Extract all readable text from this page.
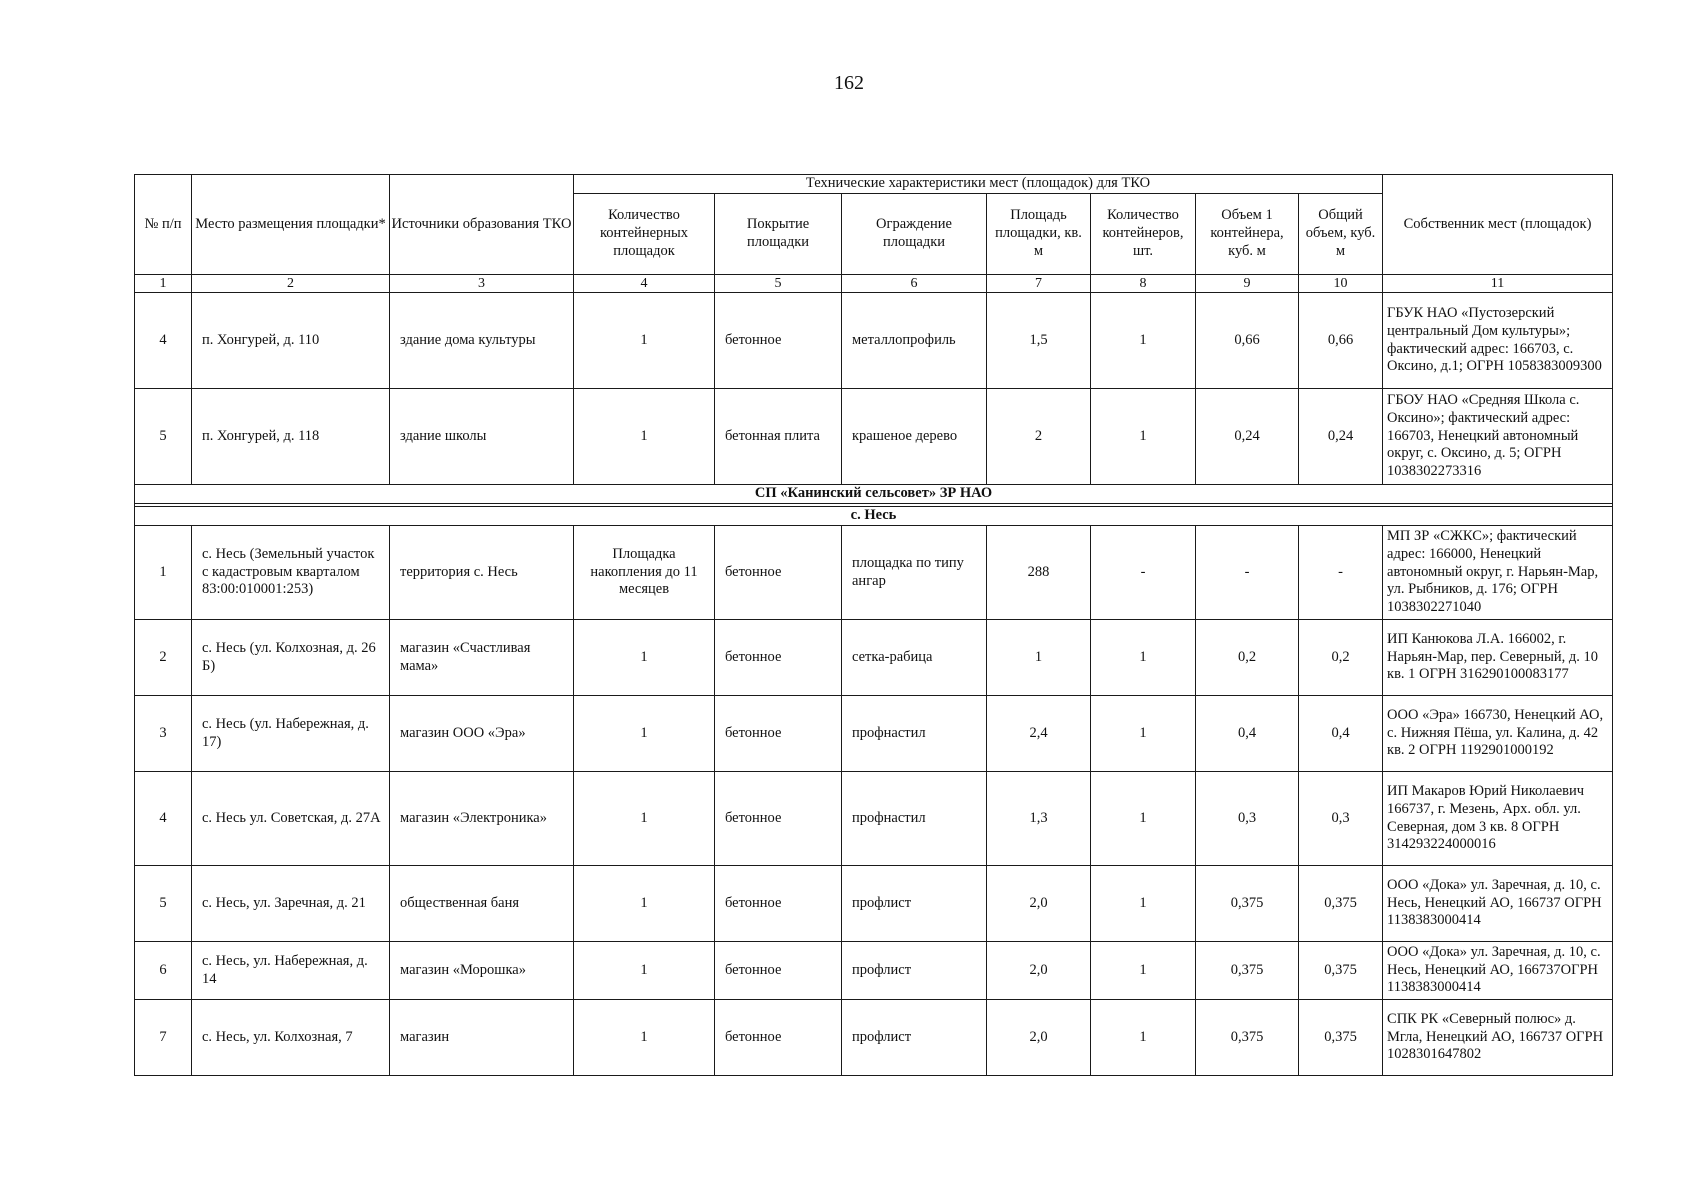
162
№ п/п	Место размещения площадки*	Источники образования ТКО	Технические характеристики мест (площадок) для ТКО							Собственник мест (площадок)
			Количество контейнерных площадок	Покрытие площадки	Ограждение площадки	Площадь площадки, кв. м	Количество контейнеров, шт.	Объем 1 контейнера, куб. м	Общий объем, куб. м	
1	2	3	4	5	6	7	8	9	10	11
4	п. Хонгурей, д. 110	здание дома культуры	1	бетонное	металлопрофиль	1,5	1	0,66	0,66	ГБУК НАО «Пустозерский центральный Дом культуры»; фактический адрес: 166703, с. Оксино, д.1; ОГРН 1058383009300
5	п. Хонгурей, д. 118	здание школы	1	бетонная плита	крашеное дерево	2	1	0,24	0,24	ГБОУ НАО «Средняя Школа с. Оксино»; фактический адрес: 166703, Ненецкий автономный округ, с. Оксино, д. 5; ОГРН 1038302273316
СП «Канинский сельсовет» ЗР НАО										

с. Несь										
1	с. Несь (Земельный участок с кадастровым кварталом 83:00:010001:253)	территория с. Несь	Площадка накопления до 11 месяцев	бетонное	площадка по типу ангар	288	-	-	-	МП ЗР «СЖКС»; фактический адрес: 166000, Ненецкий автономный округ, г. Нарьян-Мар, ул. Рыбников, д. 176; ОГРН 1038302271040
2	с. Несь (ул. Колхозная, д. 26 Б)	магазин «Счастливая мама»	1	бетонное	сетка-рабица	1	1	0,2	0,2	ИП Канюкова Л.А. 166002, г. Нарьян-Мар, пер. Северный, д. 10 кв. 1 ОГРН 316290100083177
3	с. Несь (ул. Набережная, д. 17)	магазин ООО «Эра»	1	бетонное	профнастил	2,4	1	0,4	0,4	ООО «Эра» 166730, Ненецкий АО, с. Нижняя Пёша, ул. Калина, д. 42 кв. 2 ОГРН 1192901000192
4	с. Несь ул. Советская, д. 27А	магазин «Электроника»	1	бетонное	профнастил	1,3	1	0,3	0,3	ИП Макаров Юрий Николаевич 166737, г. Мезень, Арх. обл. ул. Северная, дом 3 кв. 8 ОГРН 314293224000016
5	с. Несь, ул. Заречная, д. 21	общественная баня	1	бетонное	профлист	2,0	1	0,375	0,375	ООО «Дока» ул. Заречная, д. 10, с. Несь, Ненецкий АО, 166737 ОГРН 1138383000414
6	с. Несь, ул. Набережная, д. 14	магазин «Морошка»	1	бетонное	профлист	2,0	1	0,375	0,375	ООО «Дока» ул. Заречная, д. 10, с. Несь, Ненецкий АО, 166737ОГРН 1138383000414
7	с. Несь, ул. Колхозная, 7	магазин	1	бетонное	профлист	2,0	1	0,375	0,375	СПК РК «Северный полюс» д. Мгла, Ненецкий АО, 166737 ОГРН 1028301647802
